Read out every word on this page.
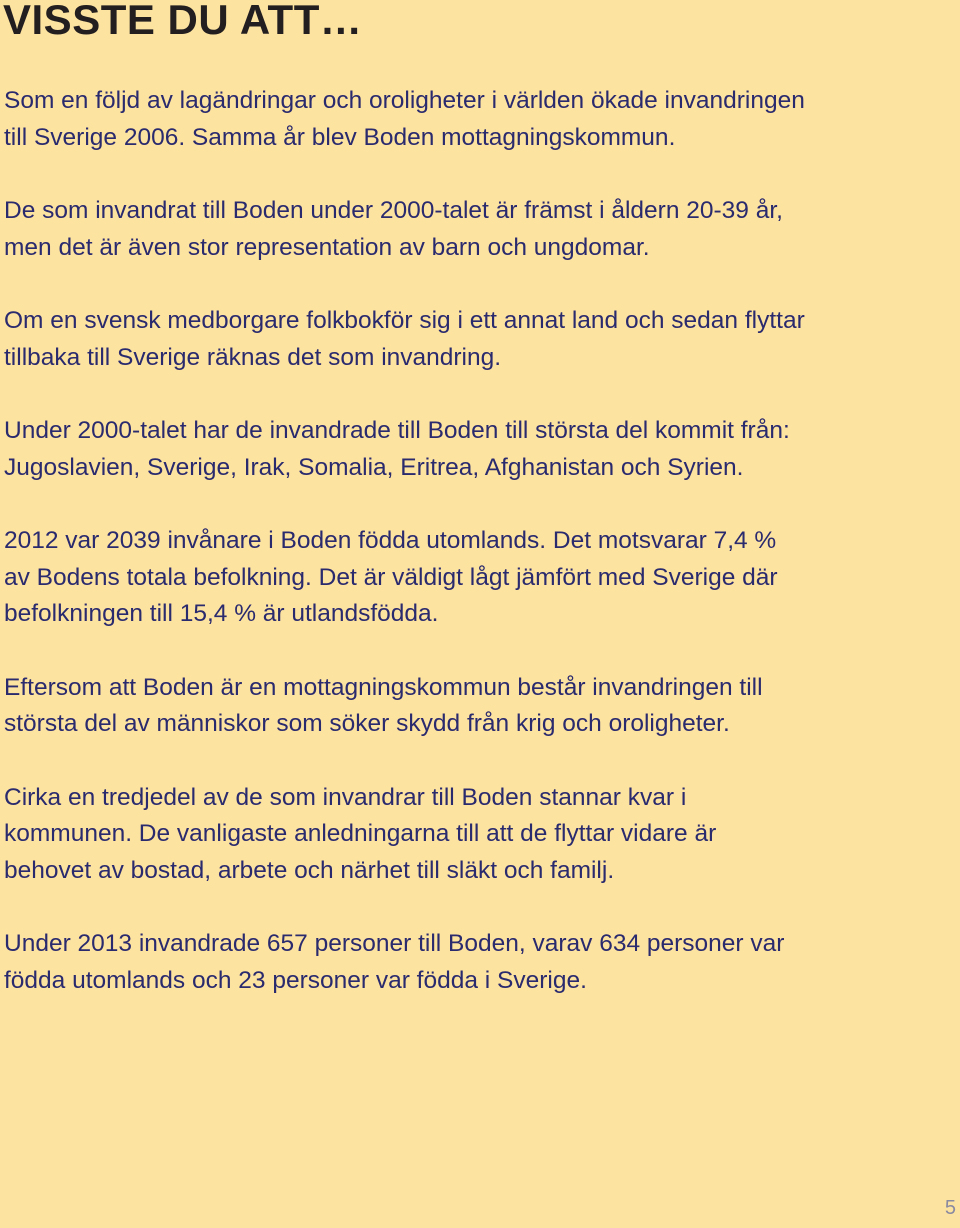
VISSTE DU ATT…

Som en följd av lagändringar och oroligheter i världen ökade invandringen
till Sverige 2006. Samma år blev Boden mottagningskommun.

De som invandrat till Boden under 2000-talet är främst i åldern 20-39 år,
men det är även stor representation av barn och ungdomar.

Om en svensk medborgare folkbokför sig i ett annat land och sedan flyttar
tillbaka till Sverige räknas det som invandring.

Under 2000-talet har de invandrade till Boden till största del kommit från:
Jugoslavien, Sverige, Irak, Somalia, Eritrea, Afghanistan och Syrien.

2012 var 2039 invånare i Boden födda utomlands. Det motsvarar 7,4 %
av Bodens totala befolkning. Det är väldigt lågt jämfört med Sverige där
befolkningen till 15,4 % är utlandsfödda.

Eftersom att Boden är en mottagningskommun består invandringen till
största del av människor som söker skydd från krig och oroligheter.

Cirka en tredjedel av de som invandrar till Boden stannar kvar i
kommunen. De vanligaste anledningarna till att de flyttar vidare är
behovet av bostad, arbete och närhet till släkt och familj.

Under 2013 invandrade 657 personer till Boden, varav 634 personer var
födda utomlands och 23 personer var födda i Sverige.

5
